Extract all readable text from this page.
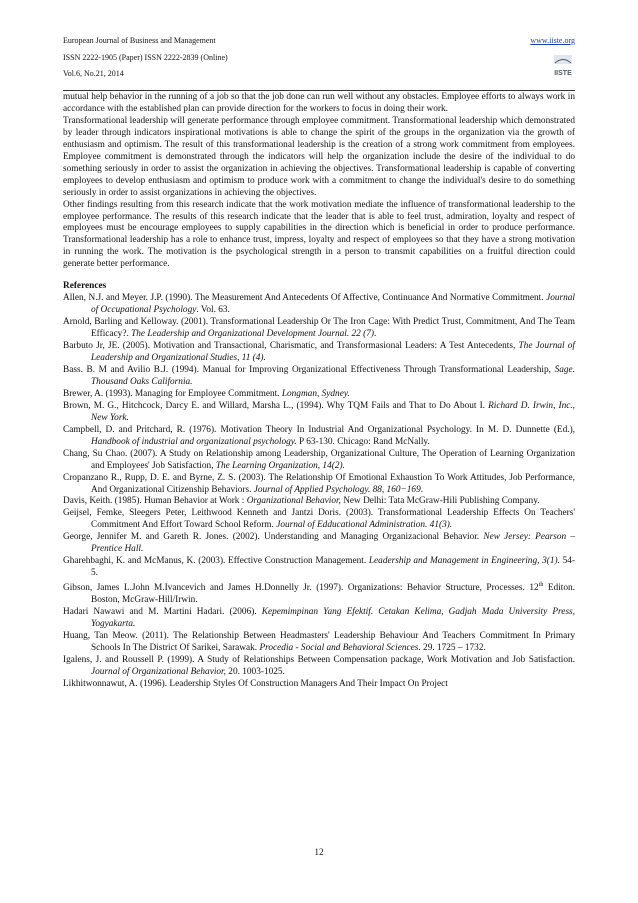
European Journal of Business and Management
ISSN 2222-1905 (Paper) ISSN 2222-2839 (Online)
Vol.6, No.21, 2014
www.iiste.org
IISTE

mutual help behavior in the running of a job so that the job done can run well without any obstacles. Employee efforts to always work in accordance with the established plan can provide direction for the workers to focus in doing their work.

Transformational leadership will generate performance through employee commitment. Transformational leadership which demonstrated by leader through indicators inspirational motivations is able to change the spirit of the groups in the organization via the growth of enthusiasm and optimism. The result of this transformational leadership is the creation of a strong work commitment from employees. Employee commitment is demonstrated through the indicators will help the organization include the desire of the individual to do something seriously in order to assist the organization in achieving the objectives. Transformational leadership is capable of converting employees to develop enthusiasm and optimism to produce work with a commitment to change the individual's desire to do something seriously in order to assist organizations in achieving the objectives.

Other findings resulting from this research indicate that the work motivation mediate the influence of transformational leadership to the employee performance. The results of this research indicate that the leader that is able to feel trust, admiration, loyalty and respect of employees must be encourage employees to supply capabilities in the direction which is beneficial in order to produce performance. Transformational leadership has a role to enhance trust, impress, loyalty and respect of employees so that they have a strong motivation in running the work. The motivation is the psychological strength in a person to transmit capabilities on a fruitful direction could generate better performance.

References

Allen, N.J. and Meyer. J.P. (1990). The Measurement And Antecedents Of Affective, Continuance And Normative Commitment. Journal of Occupational Psychology. Vol. 63.

Arnold, Barling and Kelloway. (2001). Transformational Leadership Or The Iron Cage: With Predict Trust, Commitment, And The Team Efficacy?. The Leadership and Organizational Development Journal. 22 (7).

Barbuto Jr, JE. (2005). Motivation and Transactional, Charismatic, and Transformasional Leaders: A Test Antecedents, The Journal of Leadership and Organizational Studies, 11 (4).

Bass. B. M and Avilio B.J. (1994). Manual for Improving Organizational Effectiveness Through Transformational Leadership, Sage. Thousand Oaks California.

Brewer, A. (1993). Managing for Employee Commitment. Longman, Sydney.

Brown, M. G., Hitchcock, Darcy E. and Willard, Marsha L., (1994). Why TQM Fails and That to Do About I. Richard D. Irwin, Inc., New York.

Campbell, D. and Pritchard, R. (1976). Motivation Theory In Industrial And Organizational Psychology. In M. D. Dunnette (Ed.), Handbook of industrial and organizational psychology. P 63-130. Chicago: Rand McNally.

Chang, Su Chao. (2007). A Study on Relationship among Leadership, Organizational Culture, The Operation of Learning Organization and Employees' Job Satisfaction, The Learning Organization, 14(2).

Cropanzano R., Rupp, D. E. and Byrne, Z. S. (2003). The Relationship Of Emotional Exhaustion To Work Attitudes, Job Performance, And Organizational Citizenship Behaviors. Journal of Applied Psychology. 88, 160−169.

Davis, Keith. (1985). Human Behavior at Work : Organizational Behavior, New Delhi: Tata McGraw-Hili Publishing Company.

Geijsel, Femke, Sleegers Peter, Leithwood Kenneth and Jantzi Doris. (2003). Transformational Leadership Effects On Teachers' Commitment And Effort Toward School Reform. Journal of Edducational Administration. 41(3).

George, Jennifer M. and Gareth R. Jones. (2002). Understanding and Managing Organizacional Behavior. New Jersey: Pearson – Prentice Hall.

Gharehbaghi, K. and McManus, K. (2003). Effective Construction Management. Leadership and Management in Engineering, 3(1). 54-5.

Gibson, James L.John M.Ivancevich and James H.Donnelly Jr. (1997). Organizations: Behavior Structure, Processes. 12th Editon. Boston, McGraw-Hill/Irwin.

Hadari Nawawi and M. Martini Hadari. (2006). Kepemimpinan Yang Efektif. Cetakan Kelima, Gadjah Mada University Press, Yogyakarta.

Huang, Tan Meow. (2011). The Relationship Between Headmasters' Leadership Behaviour And Teachers Commitment In Primary Schools In The District Of Sarikei, Sarawak. Procedia - Social and Behavioral Sciences. 29. 1725 – 1732.

Igalens, J. and Roussell P. (1999). A Study of Relationships Between Compensation package, Work Motivation and Job Satisfaction. Journal of Organizational Behavior, 20. 1003-1025.

Likhitwonnawut, A. (1996). Leadership Styles Of Construction Managers And Their Impact On Project

12
